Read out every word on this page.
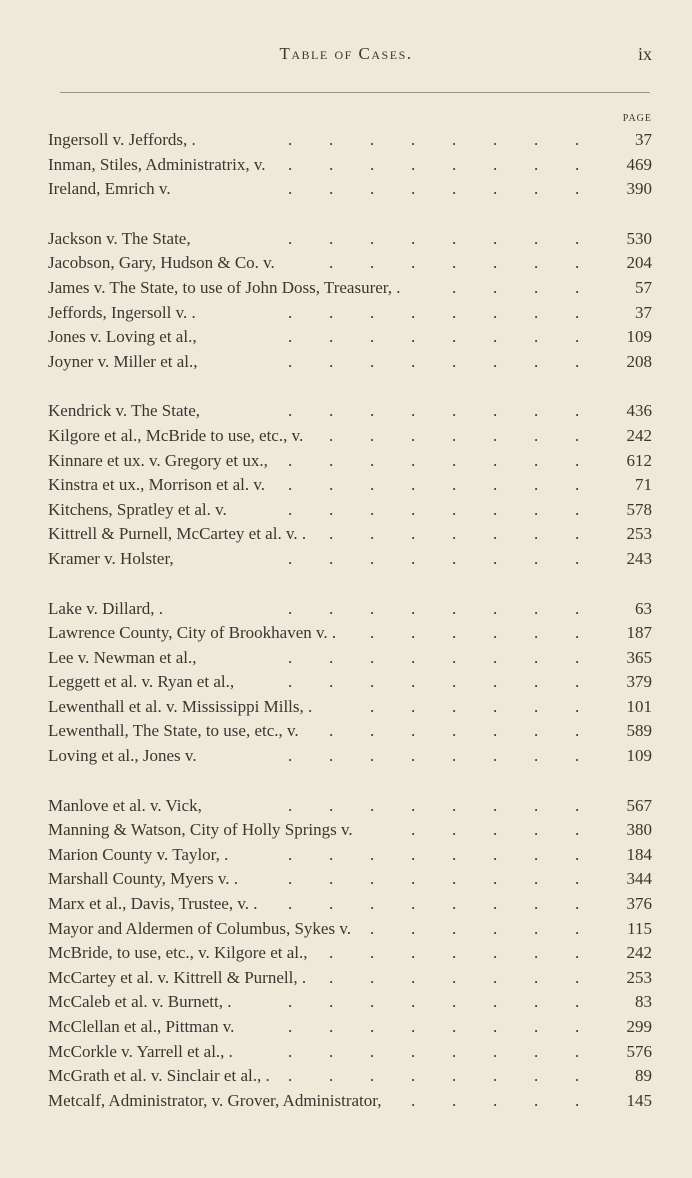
Table of Cases.	ix
PAGE
Ingersoll v. Jeffords, .	37
. . . . . . . .
Inman, Stiles, Administratrix, v.	469
. . . . . . . .
Ireland, Emrich v.	390
. . . . . . . .
Jackson v. The State,	530
. . . . . . . .
Jacobson, Gary, Hudson & Co. v.	204
. . . . . . .
James v. The State, to use of John Doss, Treasurer, .	57
. . . .
Jeffords, Ingersoll v. .	37
. . . . . . . .
Jones v. Loving et al.,	109
. . . . . . . .
Joyner v. Miller et al.,	208
. . . . . . . .
Kendrick v. The State,	436
. . . . . . . .
Kilgore et al., McBride to use, etc., v.	242
. . . . . . .
Kinnare et ux. v. Gregory et ux.,	612
. . . . . . . .
Kinstra et ux., Morrison et al. v.	71
. . . . . . . .
Kitchens, Spratley et al. v.	578
. . . . . . . .
Kittrell & Purnell, McCartey et al. v. .	253
. . . . . . .
Kramer v. Holster,	243
. . . . . . . .
Lake v. Dillard, .	63
. . . . . . . .
Lawrence County, City of Brookhaven v. .	187
. . . . . .
Lee v. Newman et al.,	365
. . . . . . . .
Leggett et al. v. Ryan et al.,	379
. . . . . . . .
Lewenthall et al. v. Mississippi Mills, .	101
. . . . . .
Lewenthall, The State, to use, etc., v.	589
. . . . . . .
Loving et al., Jones v.	109
. . . . . . . .
Manlove et al. v. Vick,	567
. . . . . . . .
Manning & Watson, City of Holly Springs v.	380
. . . . .
Marion County v. Taylor, .	184
. . . . . . . .
Marshall County, Myers v. .	344
. . . . . . . .
Marx et al., Davis, Trustee, v. .	376
. . . . . . . .
Mayor and Aldermen of Columbus, Sykes v.	115
. . . . . .
McBride, to use, etc., v. Kilgore et al.,	242
. . . . . . .
McCartey et al. v. Kittrell & Purnell, .	253
. . . . . . .
McCaleb et al. v. Burnett, .	83
. . . . . . . .
McClellan et al., Pittman v.	299
. . . . . . . .
McCorkle v. Yarrell et al., .	576
. . . . . . . .
McGrath et al. v. Sinclair et al., .	89
. . . . . . . .
Metcalf, Administrator, v. Grover, Administrator,	145
. . . . .
